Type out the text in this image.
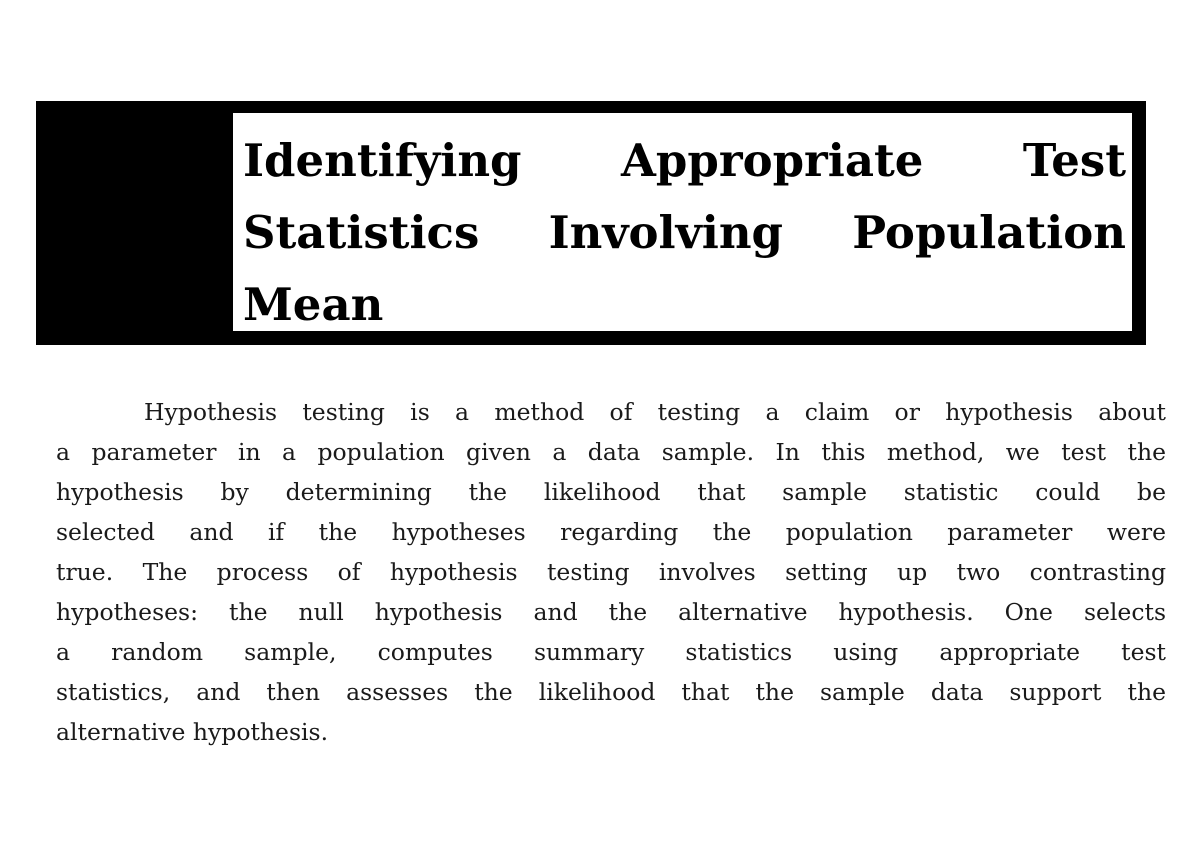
Identifying Appropriate Test
Statistics Involving Population
Mean
Hypothesis testing is a method of testing a claim or hypothesis about
a parameter in a population given a data sample. In this method, we test the
hypothesis by determining the likelihood that sample statistic could be
selected and if the hypotheses regarding the population parameter were
true. The process of hypothesis testing involves setting up two contrasting
hypotheses: the null hypothesis and the alternative hypothesis. One selects
a random sample, computes summary statistics using appropriate test
statistics, and then assesses the likelihood that the sample data support the
alternative hypothesis.
